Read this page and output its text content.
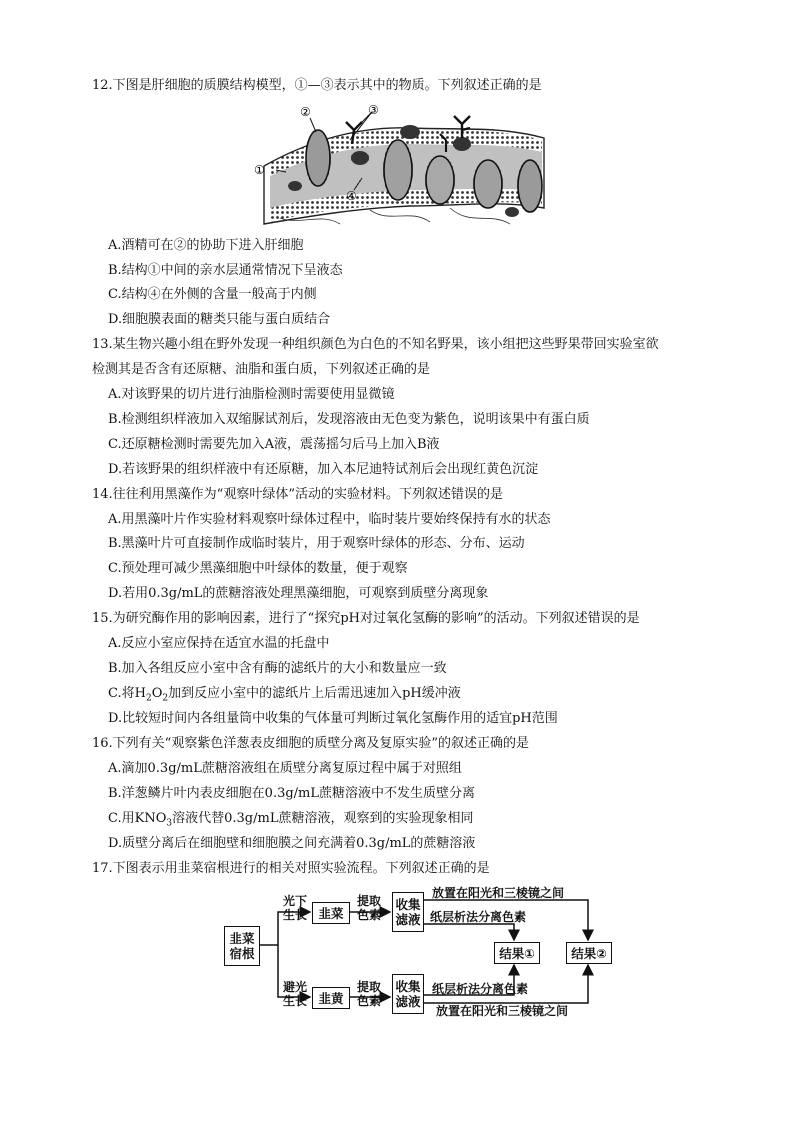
12.下图是肝细胞的质膜结构模型，①—③表示其中的物质。下列叙述正确的是
①
②	③
④
A.酒精可在②的协助下进入肝细胞
B.结构①中间的亲水层通常情况下呈液态
C.结构④在外侧的含量一般高于内侧
D.细胞膜表面的糖类只能与蛋白质结合
13.某生物兴趣小组在野外发现一种组织颜色为白色的不知名野果，该小组把这些野果带回实验室欲
检测其是否含有还原糖、油脂和蛋白质，下列叙述正确的是
A.对该野果的切片进行油脂检测时需要使用显微镜
B.检测组织样液加入双缩脲试剂后，发现溶液由无色变为紫色，说明该果中有蛋白质
C.还原糖检测时需要先加入A液，震荡摇匀后马上加入B液
D.若该野果的组织样液中有还原糖，加入本尼迪特试剂后会出现红黄色沉淀
14.往往利用黑藻作为“观察叶绿体”活动的实验材料。下列叙述错误的是
A.用黑藻叶片作实验材料观察叶绿体过程中，临时装片要始终保持有水的状态
B.黑藻叶片可直接制作成临时装片，用于观察叶绿体的形态、分布、运动
C.预处理可减少黑藻细胞中叶绿体的数量，便于观察
D.若用0.3g/mL的蔗糖溶液处理黑藻细胞，可观察到质壁分离现象
15.为研究酶作用的影响因素，进行了“探究pH对过氧化氢酶的影响”的活动。下列叙述错误的是
A.反应小室应保持在适宜水温的托盘中
B.加入各组反应小室中含有酶的滤纸片的大小和数量应一致
C.将$H_2O_2$加到反应小室中的滤纸片上后需迅速加入pH缓冲液
D.比较短时间内各组量筒中收集的气体量可判断过氧化氢酶作用的适宜pH范围
16.下列有关“观察紫色洋葱表皮细胞的质壁分离及复原实验”的叙述正确的是
A.滴加0.3g/mL蔗糖溶液组在质壁分离复原过程中属于对照组
B.洋葱鳞片叶内表皮细胞在0.3g/mL蔗糖溶液中不发生质壁分离
C.用$KNO_3$溶液代替0.3g/mL蔗糖溶液，观察到的实验现象相同
D.质壁分离后在细胞壁和细胞膜之间充满着0.3g/mL的蔗糖溶液
17.下图表示用韭菜宿根进行的相关对照实验流程。下列叙述正确的是
韭菜宿根
光下生长
避光生长
韭菜
韭黄
提取色素
提取色素
收集滤液
收集滤液
放置在阳光和三棱镜之间
纸层析法分离色素
纸层析法分离色素
放置在阳光和三棱镜之间
结果①	结果②
